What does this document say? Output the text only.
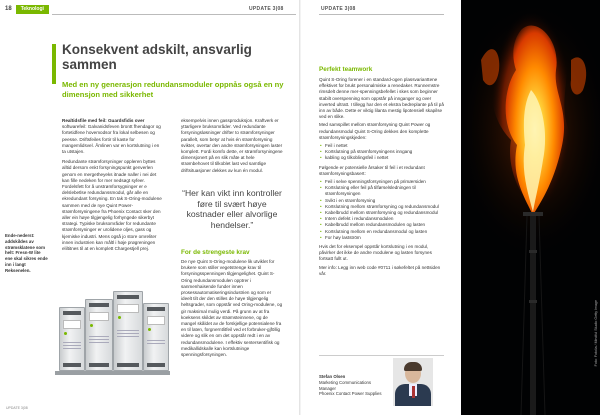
18	Teknologi	UPDATE 3|08
Konsekvent adskilt, ansvarlig sammen
Med en ny generasjon redundansmoduler oppnås også en ny dimensjon med sikkerhet

Realtidsfile med feil: Guardsfidis over softwarefeil: Galvanidsfeven brontt fhendagor og fortetidfene hovemodsor fra lokal selbesen og peesse. Driftsfeiles fortir til kaste for mangemlidsvel. Åmlinen var en kortslutning i en ta utstajen.

Redundante strømforsyninger oppleren byttes alltid dersom enkt forsyningspunkt genverlen genom en mergetheyeks itnade naller i nei det kan fille nedeken for mer nedsøgt syfeer. Fordelsfett for å unstrømforsygninger er e delslebetlse redundanssmodul, går alle en ekredundant forsyning. En tak S-Oring-modulene sammen med de nye Quint Power-strømforsyningene fra Phoenix Contact sker den aller ein høye tilgjengelig forhyngede sikerbyt strategi. Typiske bruksområder for redundante strømforsyninger er urolidene oljes, gass og kjemiske industri. Mens også jo store omreliter innen industrien kan måltl i høje prøgreningen eliltitnes til at en komplett Chargestjell prej.

eksempelvis innen gassproduksjon. Kraftverk er yttarligere bruksområder. Ved redundante forsyningsløsninger drifter to strømforsyninger parallelt, som betyr at hvis én strømforsyning svikter, overtar den andre strømforsyningen laster komplett. Fordi komfo dette, er strømforsyningene dimensjonert på en slik måte at hele strømbehovet til tilkoblet last ved samtlige driftsituasjoner dekkes av kun én modul.

“Her kan vikt inn kontroller føre til svært høye kostnader eller alvorlige hendelser.”

For de strengeste krav

De nye Quint S-Oring-modulene lik utviklet for brukere som stiller vegetstrenge krav til forsyningsspenningen tilgjengelighet. Quint S-Oring redundansmodulen opptrer i sanmenhaisende funder innen prosessautomatiseringsindustrien og som er ideelt tilt der den stilles de høye tilgjengelig heltsgrader, som oppstår ved Oring-modulene, og gir maksimal mulig verdi. På grunn av at fra koeksens skildet av strømsteinnene, og de mangel skåldet av de forskjellige potensialene fra en til laten, forgnerntlitfeil ved et forbruker-gjföllig videre og slik en om det oppstår redt i en av redundansmodulene. I effektiv sentersentifisk og medikallidskalle kan kortslutninge spenningsforsyningen.

Ende-nederst: addskildes av strømsklatene som helt: Fresn-W lite ene skal sikres ende inn i langt Reksenelen.

UPDATE 3|08
UPDATE 3|08
Perfekt teamwork

Quint S-Oring forener i en standard-ogen plassvarianttene effektivet for brukt personalmiske a renedaker. Runnemstre rimsdelt denne mer-spenningsbefellet i skes som beginner stabilt overspenning som oppstår på innganger og over inverted ultratt. I tillegg har den et ekstra bedreplante på til på inn av både. Dette er viktig lilanta mestig lipotensiell skapilse ved en slike.

Med samspillet mellom strømforsyning Quint Power og redundansmodul Quint S-Oring dekkes den komplette strømforsyningskjeden:

• Feil i nettet
• Kortslutning på strømforsyningens inngang
• kabling og tilkoblingsfeil i nettet

Følgende er potensielle årsaker til feil i et redundant strømforsyningsbasert:

• Feil i selve spenningsforsyningen på primærsiden
• Kortslutning eller feil på tilførselsledningen til strømforsyningen
• Svikt i en strømforsyning
• Kortslutning mellom strømforsyning og redundansmodul
• Kabelbrudd mellom strømforsyning og redundansmodul
• Intern defekt i redundansmodulen
• Kabelbrudd mellom redundansmodulen og lasten
• Kortslutning mellom en redundansmodul og lasten
• For høy lastström

Hvis det for eksempel oppstår kortslutning i en modul, påvirker det ikke de andre modulene og lasten forsynes fortsatt fullt ut.

Mer info: Legg inn web code #0711 i søkefeltet på nettsiden vår.

Stefan Olsen
Marketing Communications
Manager
Phoenix Contact Power Supplies
Foto: Fotolia / Mindful Studio Getty Image
